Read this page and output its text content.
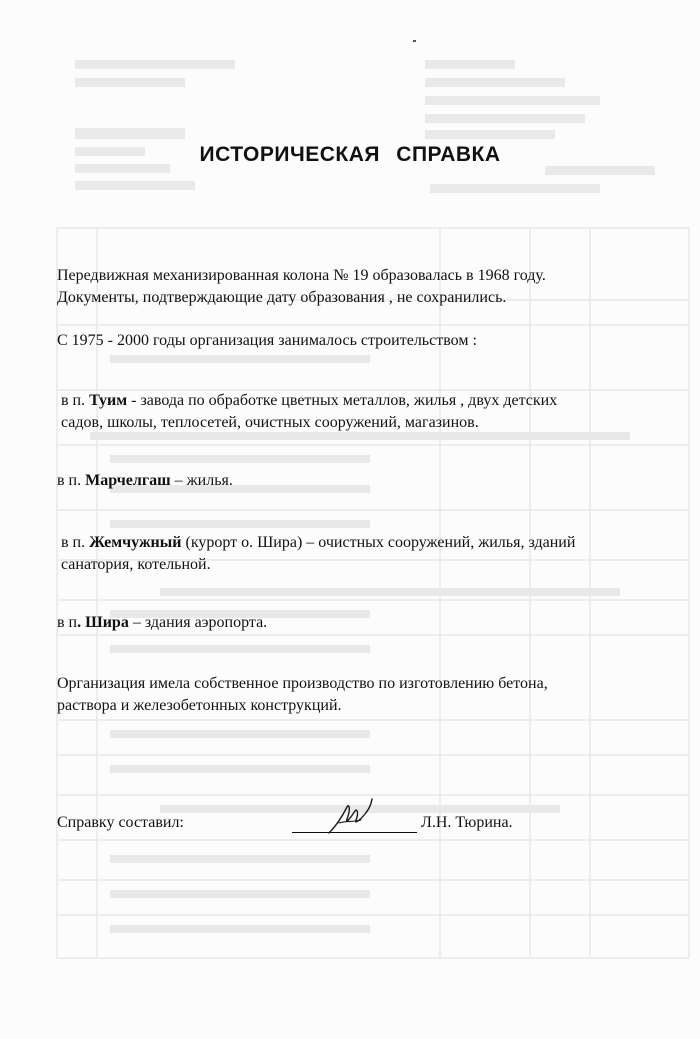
ИСТОРИЧЕСКАЯ СПРАВКА
Передвижная механизированная колона № 19 образовалась в 1968 году.
Документы, подтверждающие дату образования , не сохранились.
С 1975 - 2000 годы организация занималось строительством :
в п. Туим - завода по обработке цветных металлов, жилья , двух детских
садов, школы, теплосетей, очистных сооружений, магазинов.
в п. Марчелгаш – жилья.
в п. Жемчужный (курорт о. Шира) – очистных сооружений, жилья, зданий
санатория, котельной.
в п. Шира – здания аэропорта.
Организация имела собственное производство по изготовлению бетона,
раствора и железобетонных конструкций.
Справку составил:	Л.Н. Тюрина.
